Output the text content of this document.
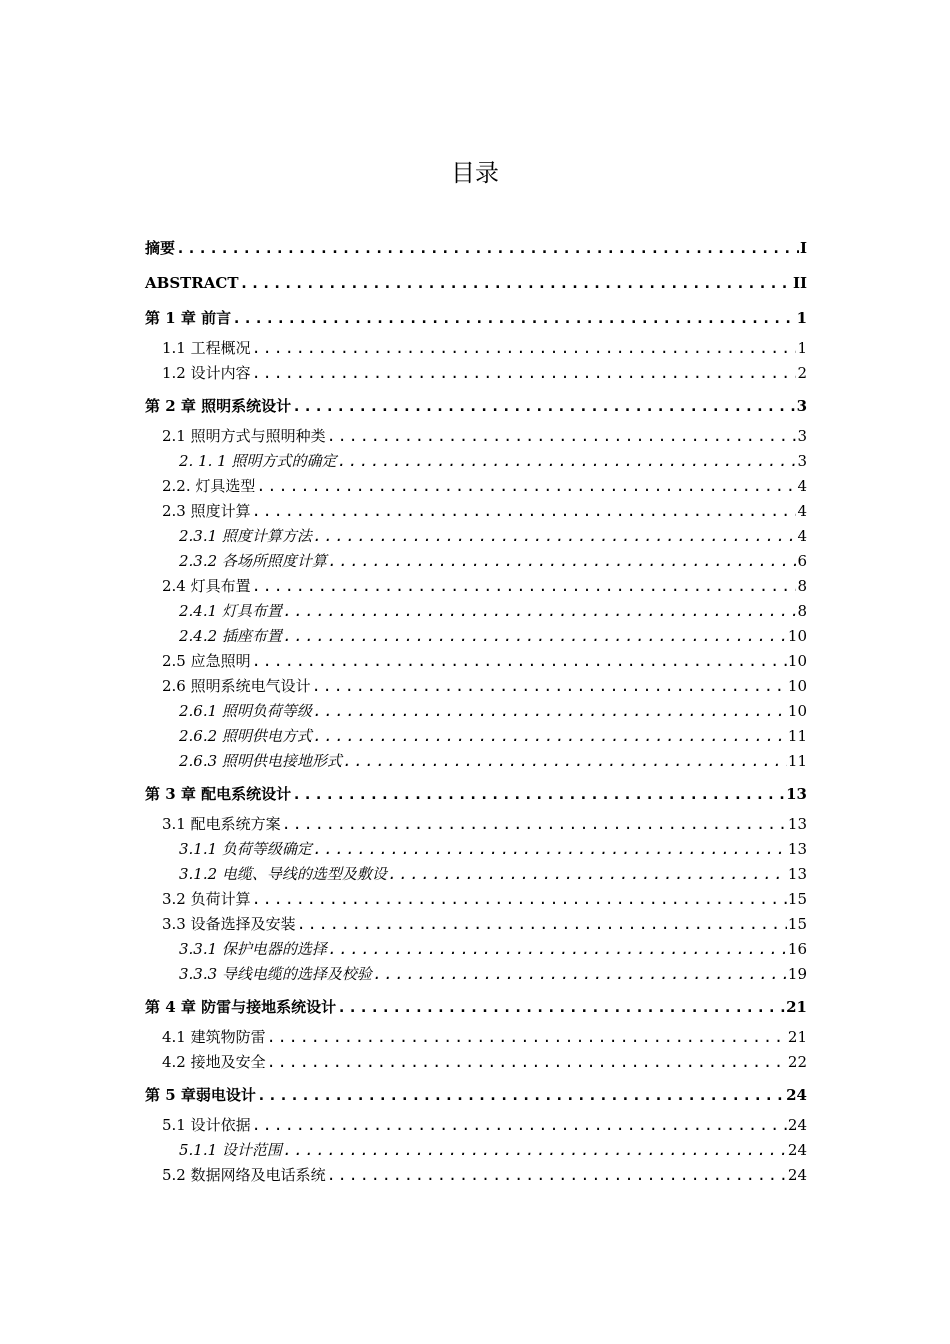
目录
摘要 .....	I
ABSTRACT .....	II
第 1 章 前言 .....	1
1.1 工程概况 .....	1
1.2 设计内容 .....	2
第 2 章 照明系统设计 .....	3
2.1 照明方式与照明种类 .....	3
2. 1. 1 照明方式的确定 .....	3
2.2. 灯具选型 .....	4
2.3 照度计算 .....	4
2.3.1 照度计算方法 .....	4
2.3.2 各场所照度计算 .....	6
2.4 灯具布置 .....	8
2.4.1 灯具布置 .....	8
2.4.2 插座布置 .....	10
2.5 应急照明 .....	10
2.6 照明系统电气设计 .....	10
2.6.1 照明负荷等级 .....	10
2.6.2 照明供电方式 .....	11
2.6.3 照明供电接地形式 .....	11
第 3 章 配电系统设计 .....	13
3.1 配电系统方案 .....	13
3.1.1 负荷等级确定 .....	13
3.1.2 电缆、导线的选型及敷设 .....	13
3.2 负荷计算 .....	15
3.3 设备选择及安装 .....	15
3.3.1 保护电器的选择 .....	16
3.3.3 导线电缆的选择及校验 .....	19
第 4 章 防雷与接地系统设计 .....	21
4.1 建筑物防雷 .....	21
4.2 接地及安全 .....	22
第 5 章弱电设计 .....	24
5.1 设计依据 .....	24
5.1.1 设计范围 .....	24
5.2 数据网络及电话系统 .....	24
